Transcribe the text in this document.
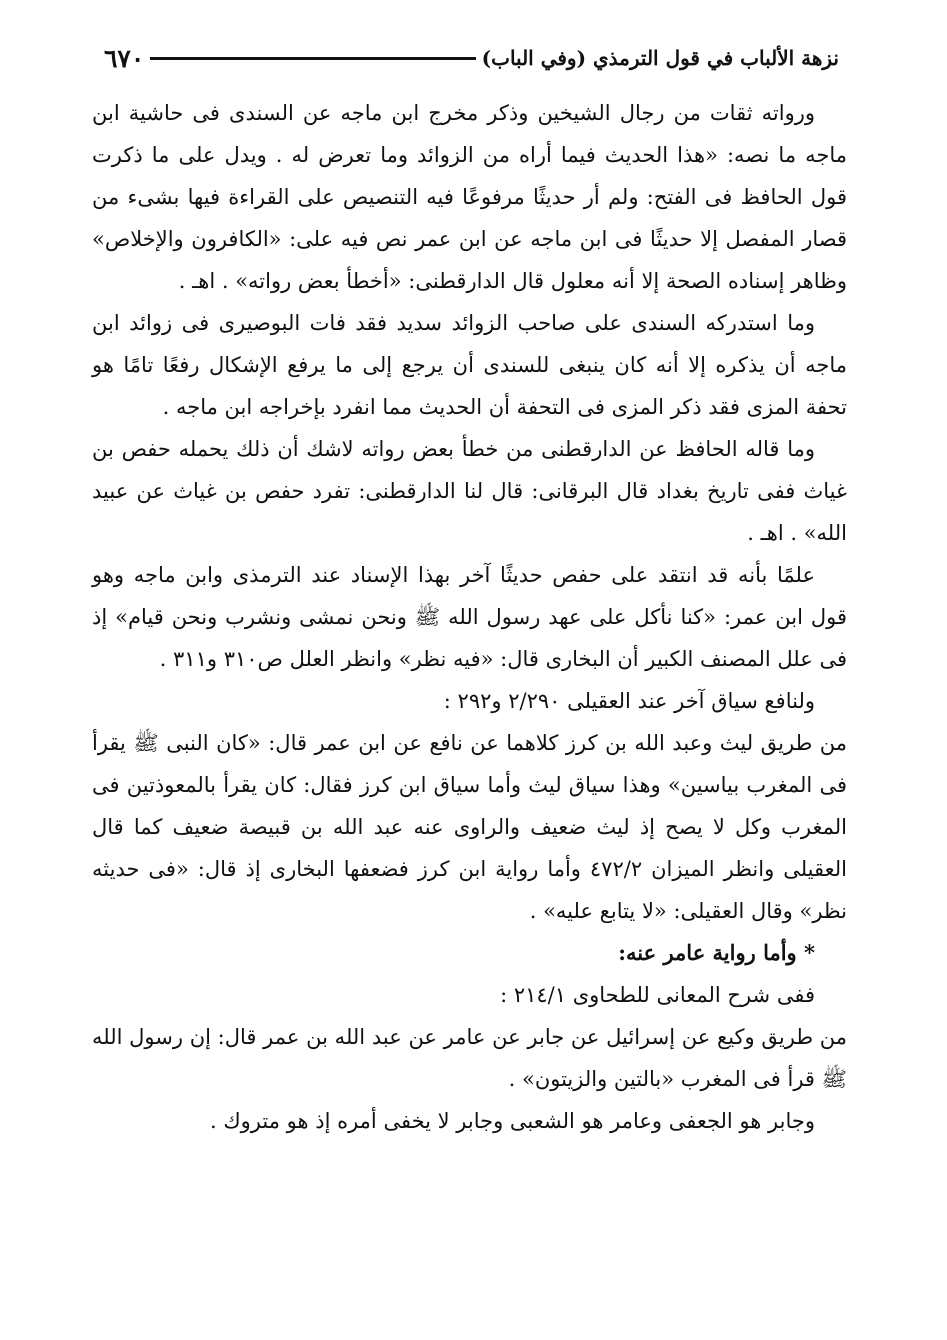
نزهة الألباب في قول الترمذي (وفي الباب)
٦٧٠

ورواته ثقات من رجال الشيخين وذكر مخرج ابن ماجه عن السندى فى حاشية ابن ماجه ما نصه: «هذا الحديث فيما أراه من الزوائد وما تعرض له . ويدل على ما ذكرت قول الحافظ فى الفتح: ولم أر حديثًا مرفوعًا فيه التنصيص على القراءة فيها بشىء من قصار المفصل إلا حديثًا فى ابن ماجه عن ابن عمر نص فيه على: «الكافرون والإخلاص» وظاهر إسناده الصحة إلا أنه معلول قال الدارقطنى: «أخطأ بعض رواته» . اهـ .

وما استدركه السندى على صاحب الزوائد سديد فقد فات البوصيرى فى زوائد ابن ماجه أن يذكره إلا أنه كان ينبغى للسندى أن يرجع إلى ما يرفع الإشكال رفعًا تامًا هو تحفة المزى فقد ذكر المزى فى التحفة أن الحديث مما انفرد بإخراجه ابن ماجه .

وما قاله الحافظ عن الدارقطنى من خطأ بعض رواته لاشك أن ذلك يحمله حفص بن غياث ففى تاريخ بغداد قال البرقانى: قال لنا الدارقطنى: تفرد حفص بن غياث عن عبيد الله» . اهـ .

علمًا بأنه قد انتقد على حفص حديثًا آخر بهذا الإسناد عند الترمذى وابن ماجه وهو قول ابن عمر: «كنا نأكل على عهد رسول الله ﷺ ونحن نمشى ونشرب ونحن قيام» إذ فى علل المصنف الكبير أن البخارى قال: «فيه نظر» وانظر العلل ص٣١٠ و٣١١ .

ولنافع سياق آخر عند العقيلى ٢/٢٩٠ و٢٩٢ :

من طريق ليث وعبد الله بن كرز كلاهما عن نافع عن ابن عمر قال: «كان النبى ﷺ يقرأ فى المغرب بياسين» وهذا سياق ليث وأما سياق ابن كرز فقال: كان يقرأ بالمعوذتين فى المغرب وكل لا يصح إذ ليث ضعيف والراوى عنه عبد الله بن قبيصة ضعيف كما قال العقيلى وانظر الميزان ٤٧٢/٢ وأما رواية ابن كرز فضعفها البخارى إذ قال: «فى حديثه نظر» وقال العقيلى: «لا يتابع عليه» .

* وأما رواية عامر عنه:

ففى شرح المعانى للطحاوى ٢١٤/١ :

من طريق وكيع عن إسرائيل عن جابر عن عامر عن عبد الله بن عمر قال: إن رسول الله ﷺ قرأ فى المغرب «بالتين والزيتون» .

وجابر هو الجعفى وعامر هو الشعبى وجابر لا يخفى أمره إذ هو متروك .
